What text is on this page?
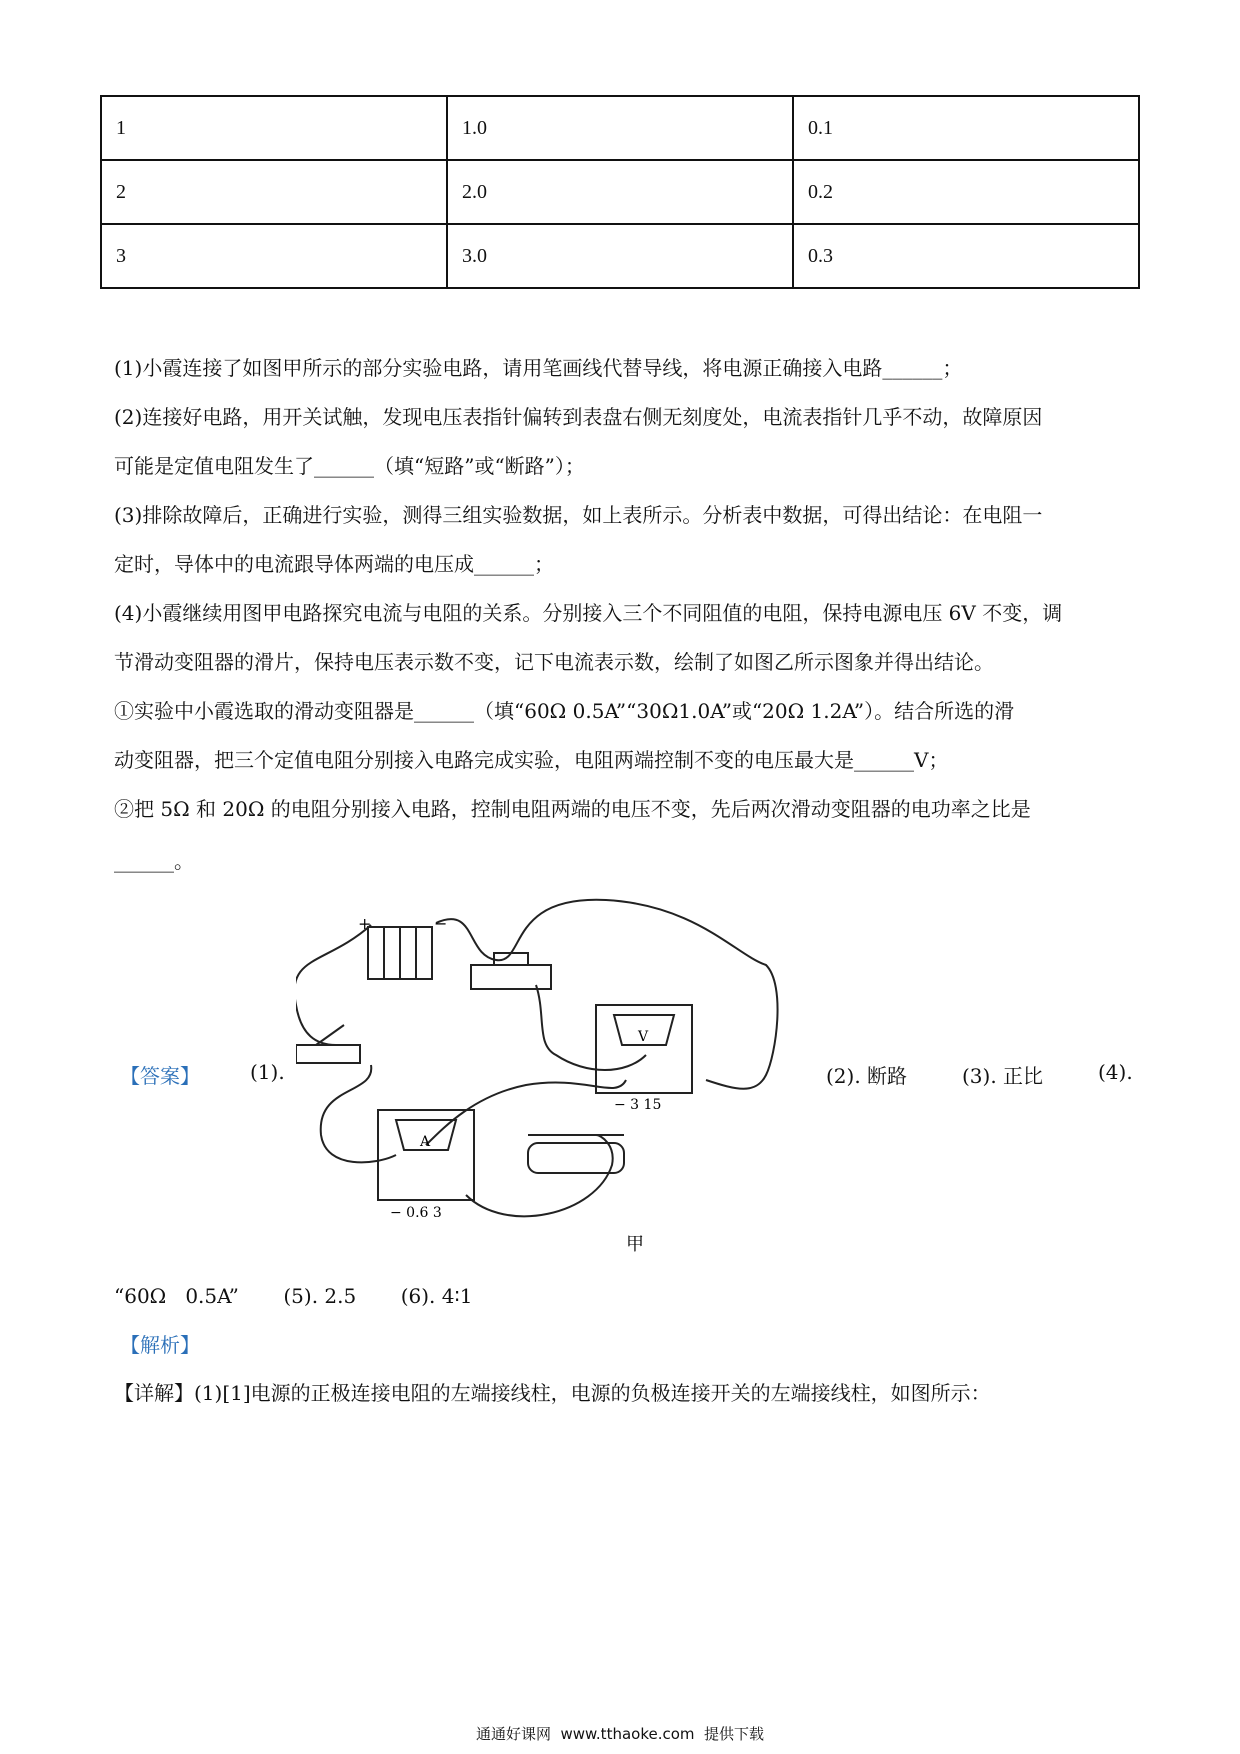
1	1.0	0.1
2	2.0	0.2
3	3.0	0.3
(1)小霞连接了如图甲所示的部分实验电路，请用笔画线代替导线，将电源正确接入电路______；
(2)连接好电路，用开关试触，发现电压表指针偏转到表盘右侧无刻度处，电流表指针几乎不动，故障原因
可能是定值电阻发生了______（填“短路”或“断路”）；
(3)排除故障后，正确进行实验，测得三组实验数据，如上表所示。分析表中数据，可得出结论：在电阻一
定时，导体中的电流跟导体两端的电压成______；
(4)小霞继续用图甲电路探究电流与电阻的关系。分别接入三个不同阻值的电阻，保持电源电压 6V 不变，调
节滑动变阻器的滑片，保持电压表示数不变，记下电流表示数，绘制了如图乙所示图象并得出结论。
①实验中小霞选取的滑动变阻器是______（填“60Ω 0.5A”“30Ω1.0A”或“20Ω 1.2A”）。结合所选的滑
动变阻器，把三个定值电阻分别接入电路完成实验，电阻两端控制不变的电压最大是______V；
②把 5Ω 和 20Ω 的电阻分别接入电路，控制电阻两端的电压不变，先后两次滑动变阻器的电功率之比是
______。
【答案】	(1).	(2). 断路	(3). 正比	(4).
“60Ω   0.5A”       (5). 2.5       (6). 4∶1
+	−
V
A
− 0.6 3
− 3 15
甲
【解析】
【详解】(1)[1]电源的正极连接电阻的左端接线柱，电源的负极连接开关的左端接线柱，如图所示：
通通好课网  www.tthaoke.com  提供下载
